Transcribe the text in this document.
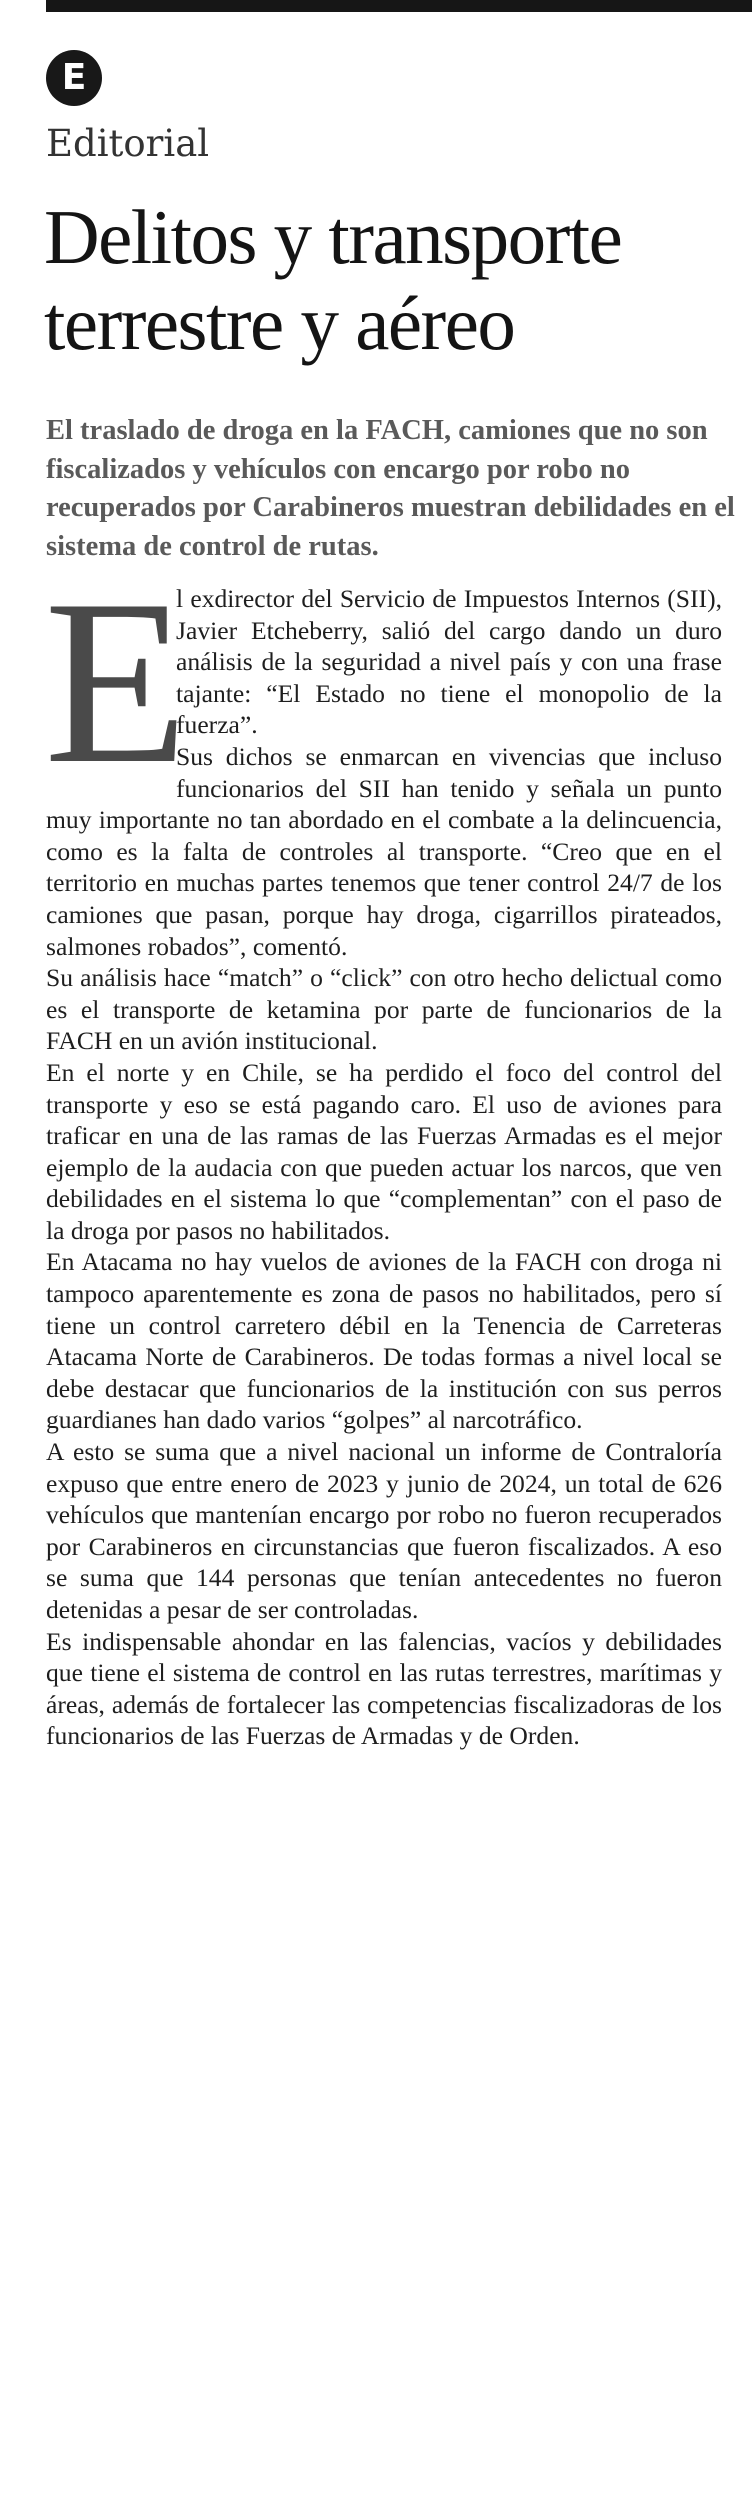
E
Editorial
Delitos y transporte terrestre y aéreo

El traslado de droga en la FACH, camiones que no son fiscalizados y vehículos con encargo por robo no recuperados por Carabineros muestran debilidades en el sistema de control de rutas.

E

l exdirector del Servicio de Impuestos Internos (SII), Javier Etcheberry, salió del cargo dando un duro análisis de la seguridad a nivel país y con una frase tajante: “El Estado no tiene el monopolio de la fuerza”.

Sus dichos se enmarcan en vivencias que incluso funcionarios del SII han tenido y señala un punto muy importante no tan abordado en el combate a la delincuencia, como es la falta de controles al transporte. “Creo que en el territorio en muchas partes tenemos que tener control 24/7 de los camiones que pasan, porque hay droga, cigarrillos pirateados, salmones robados”, comentó.

Su análisis hace “match” o “click” con otro hecho delictual como es el transporte de ketamina por parte de funcionarios de la FACH en un avión institucional.

En el norte y en Chile, se ha perdido el foco del control del transporte y eso se está pagando caro. El uso de aviones para traficar en una de las ramas de las Fuerzas Armadas es el mejor ejemplo de la audacia con que pueden actuar los narcos, que ven debilidades en el sistema lo que “complementan” con el paso de la droga por pasos no habilitados.

En Atacama no hay vuelos de aviones de la FACH con droga ni tampoco aparentemente es zona de pasos no habilitados, pero sí tiene un control carretero débil en la Tenencia de Carreteras Atacama Norte de Carabineros. De todas formas a nivel local se debe destacar que funcionarios de la institución con sus perros guardianes han dado varios “golpes” al narcotráfico.

A esto se suma que a nivel nacional un informe de Contraloría expuso que entre enero de 2023 y junio de 2024, un total de 626 vehículos que mantenían encargo por robo no fueron recuperados por Carabineros en circunstancias que fueron fiscalizados. A eso se suma que 144 personas que tenían antecedentes no fueron detenidas a pesar de ser controladas.

Es indispensable ahondar en las falencias, vacíos y debilidades que tiene el sistema de control en las rutas terrestres, marítimas y áreas, además de fortalecer las competencias fiscalizadoras de los funcionarios de las Fuerzas de Armadas y de Orden.
